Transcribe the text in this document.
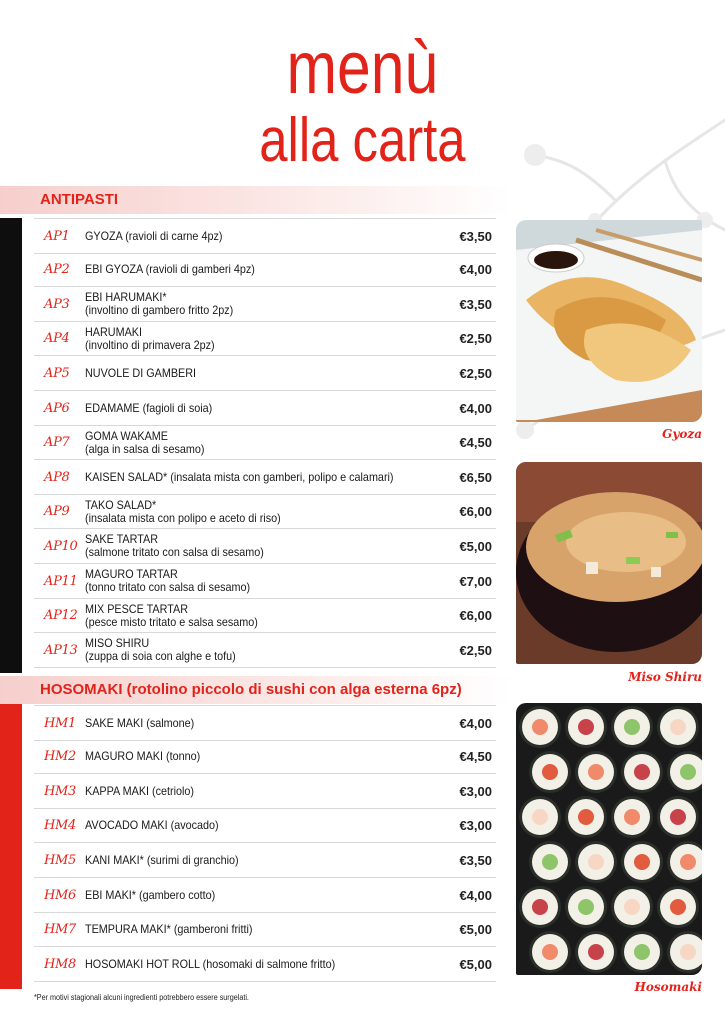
menù
alla carta
ANTIPASTI
AP1	GYOZA (ravioli di carne 4pz)	€3,50
AP2	EBI GYOZA (ravioli di gamberi 4pz)	€4,00
AP3	EBI HARUMAKI*
(involtino di gambero fritto 2pz)	€3,50
AP4	HARUMAKI
(involtino di primavera 2pz)	€2,50
AP5	NUVOLE DI GAMBERI	€2,50
AP6	EDAMAME (fagioli di soia)	€4,00
AP7	GOMA WAKAME
(alga in salsa di sesamo)	€4,50
AP8	KAISEN SALAD* (insalata mista con gamberi, polipo e calamari)	€6,50
AP9	TAKO SALAD*
(insalata mista con polipo e aceto di riso)	€6,00
AP10 SAKE TARTAR
(salmone tritato con salsa di sesamo)	€5,00
AP11 MAGURO TARTAR
(tonno tritato con salsa di sesamo)	€7,00
AP12 MIX PESCE TARTAR
(pesce misto tritato e salsa sesamo)	€6,00
AP13 MISO SHIRU
(zuppa di soia con alghe e tofu)	€2,50
HOSOMAKI (rotolino piccolo di sushi con alga esterna 6pz)
HM1 SAKE MAKI (salmone)	€4,00
HM2 MAGURO MAKI (tonno)	€4,50
HM3 KAPPA MAKI (cetriolo)	€3,00
HM4 AVOCADO MAKI (avocado)	€3,00
HM5 KANI MAKI* (surimi di granchio)	€3,50
HM6 EBI MAKI* (gambero cotto)	€4,00
HM7 TEMPURA MAKI* (gamberoni fritti)	€5,00
HM8 HOSOMAKI HOT ROLL (hosomaki di salmone fritto)	€5,00
Gyoza
Miso Shiru
Hosomaki
*Per motivi stagionali alcuni ingredienti potrebbero essere surgelati.
